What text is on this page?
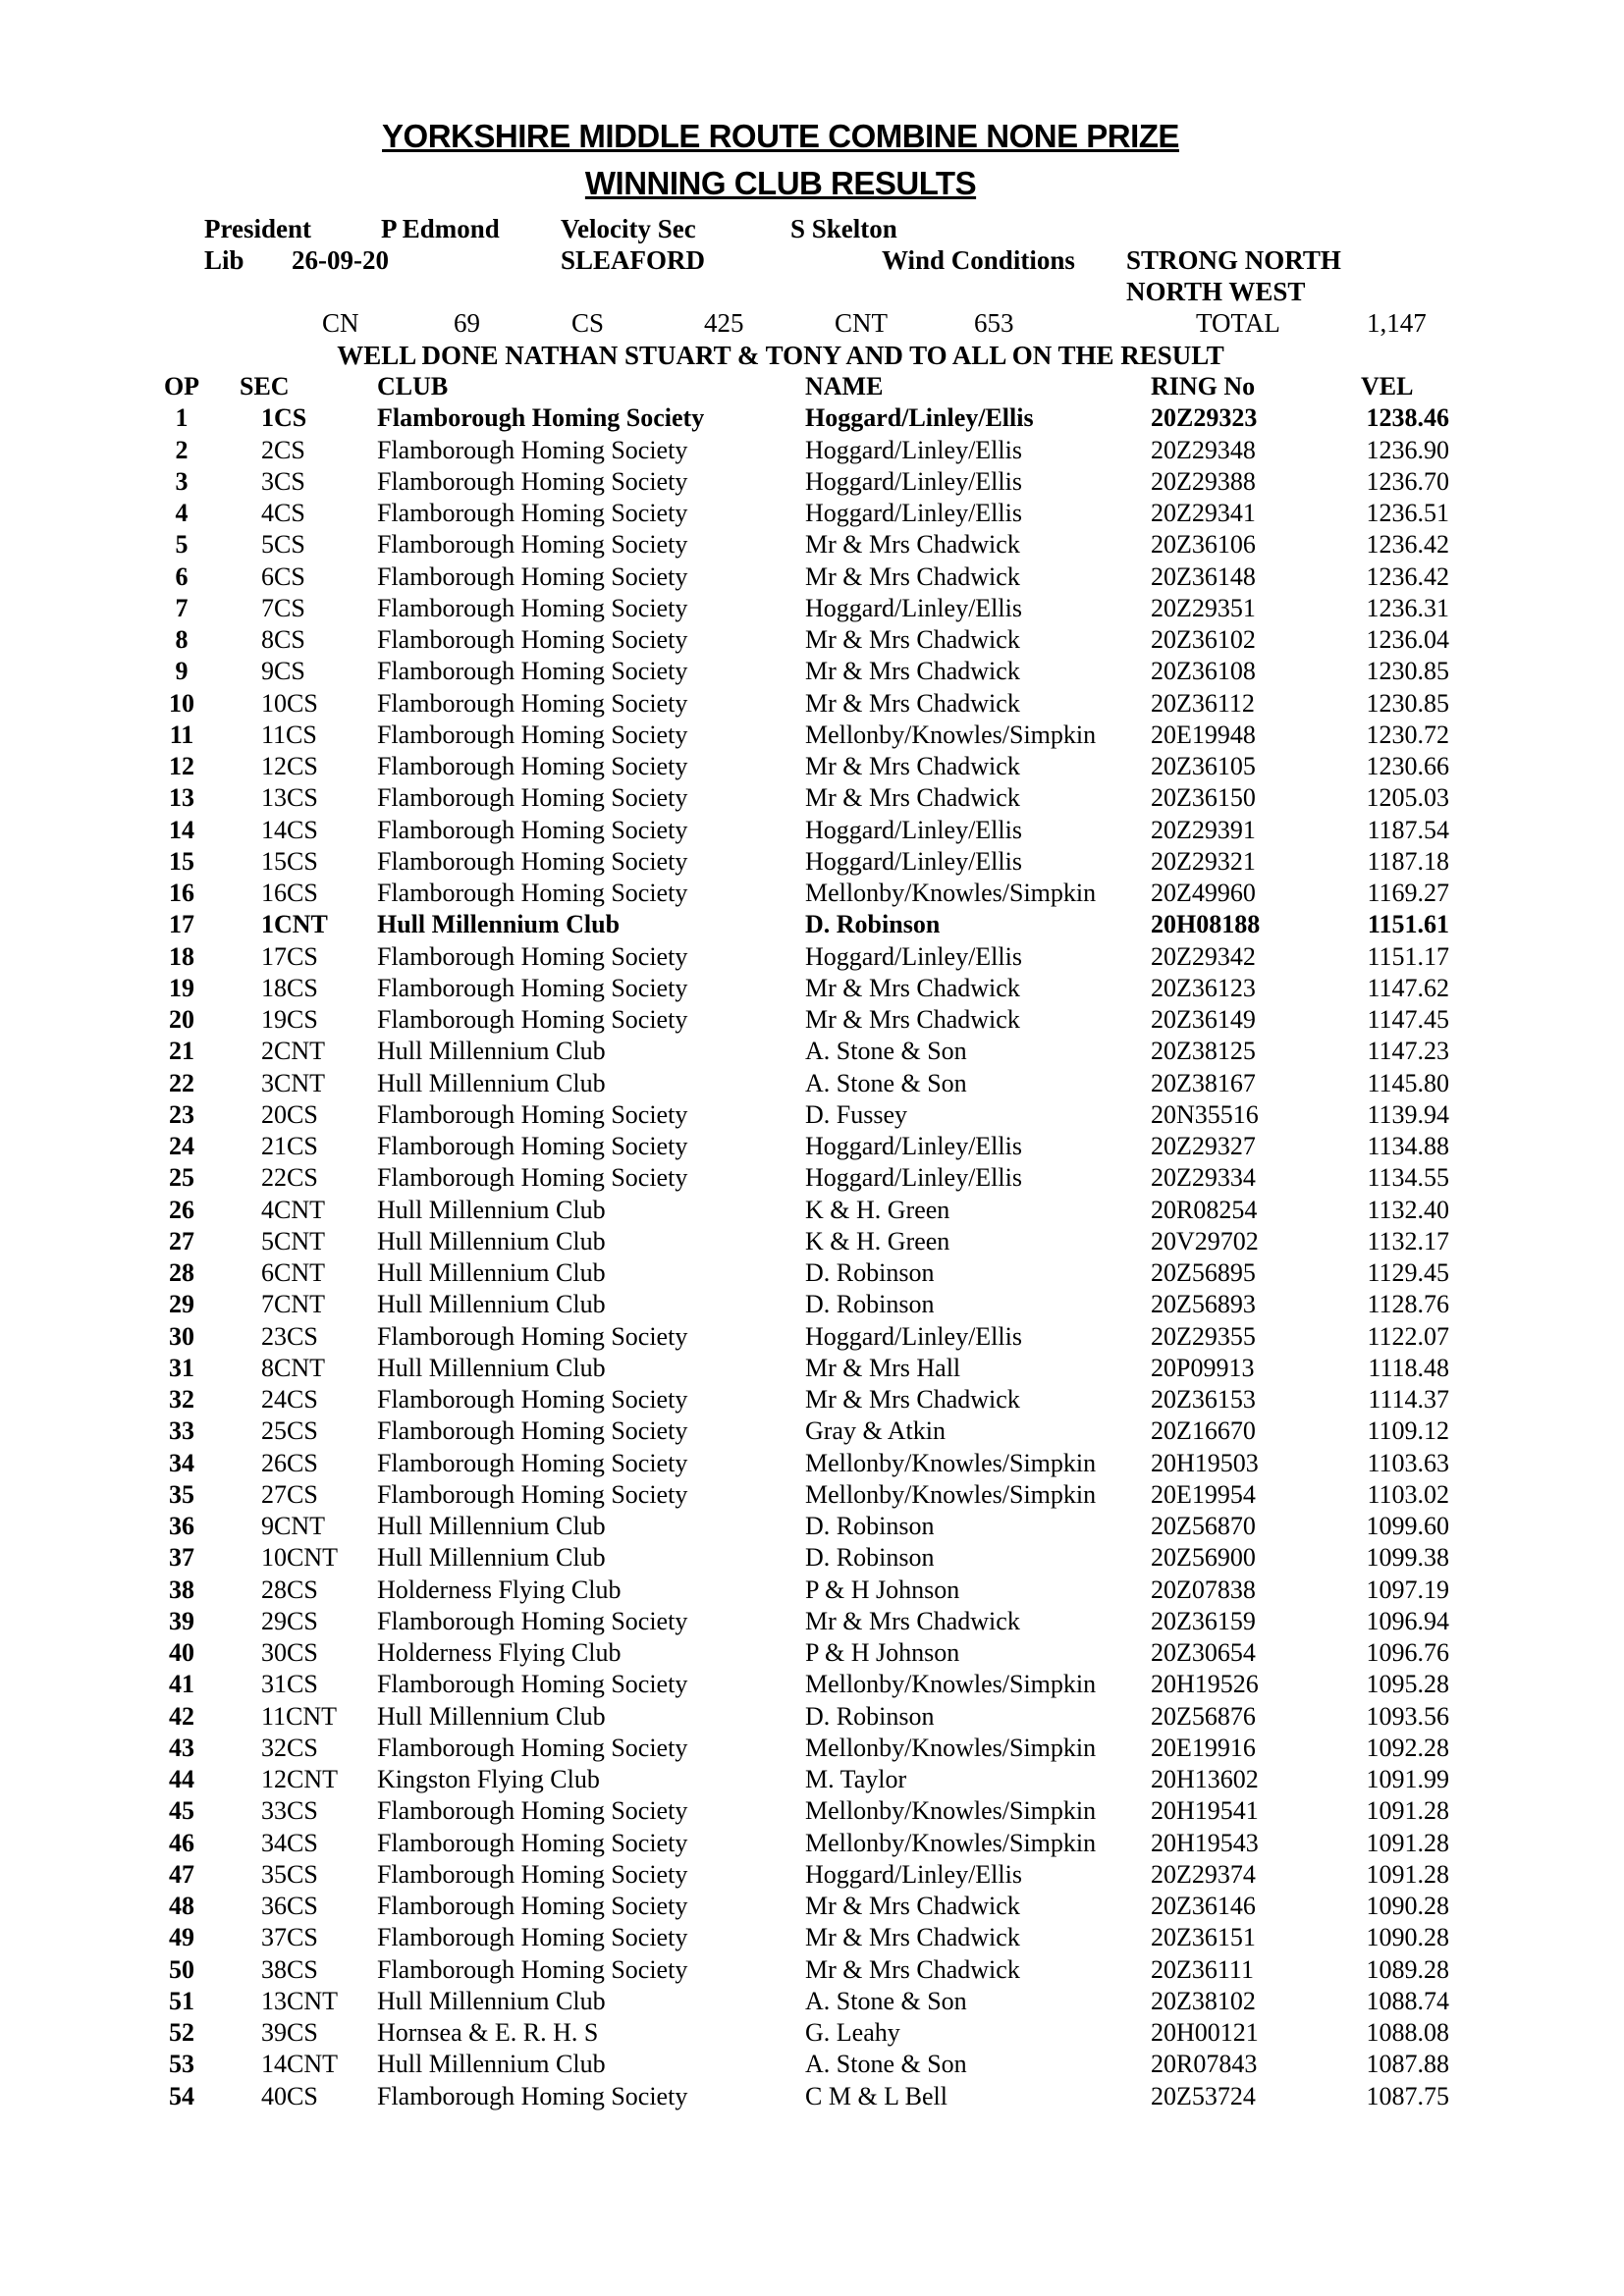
YORKSHIRE MIDDLE ROUTE COMBINE NONE PRIZE
WINNING CLUB RESULTS
President	P Edmond Velocity Sec	S Skelton
Lib 26-09-20	SLEAFORD	Wind Conditions STRONG NORTH
NORTH WEST
CN	69	CS	425	CNT	653	TOTAL	1,147
WELL DONE NATHAN STUART & TONY AND TO ALL ON THE RESULT
OP	SEC	CLUB	NAME	RING No	VEL
1	1CS	Flamborough Homing Society	Hoggard/Linley/Ellis	20Z29323	1238.46
2	2CS	Flamborough Homing Society	Hoggard/Linley/Ellis	20Z29348	1236.90
3	3CS	Flamborough Homing Society	Hoggard/Linley/Ellis	20Z29388	1236.70
4	4CS	Flamborough Homing Society	Hoggard/Linley/Ellis	20Z29341	1236.51
5	5CS	Flamborough Homing Society	Mr & Mrs Chadwick	20Z36106	1236.42
6	6CS	Flamborough Homing Society	Mr & Mrs Chadwick	20Z36148	1236.42
7	7CS	Flamborough Homing Society	Hoggard/Linley/Ellis	20Z29351	1236.31
8	8CS	Flamborough Homing Society	Mr & Mrs Chadwick	20Z36102	1236.04
9	9CS	Flamborough Homing Society	Mr & Mrs Chadwick	20Z36108	1230.85
10	10CS	Flamborough Homing Society	Mr & Mrs Chadwick	20Z36112	1230.85
11	11CS	Flamborough Homing Society	Mellonby/Knowles/Simpkin	20E19948	1230.72
12	12CS	Flamborough Homing Society	Mr & Mrs Chadwick	20Z36105	1230.66
13	13CS	Flamborough Homing Society	Mr & Mrs Chadwick	20Z36150	1205.03
14	14CS	Flamborough Homing Society	Hoggard/Linley/Ellis	20Z29391	1187.54
15	15CS	Flamborough Homing Society	Hoggard/Linley/Ellis	20Z29321	1187.18
16	16CS	Flamborough Homing Society	Mellonby/Knowles/Simpkin	20Z49960	1169.27
17	1CNT	Hull Millennium Club	D. Robinson	20H08188	1151.61
18	17CS	Flamborough Homing Society	Hoggard/Linley/Ellis	20Z29342	1151.17
19	18CS	Flamborough Homing Society	Mr & Mrs Chadwick	20Z36123	1147.62
20	19CS	Flamborough Homing Society	Mr & Mrs Chadwick	20Z36149	1147.45
21	2CNT	Hull Millennium Club	A. Stone & Son	20Z38125	1147.23
22	3CNT	Hull Millennium Club	A. Stone & Son	20Z38167	1145.80
23	20CS	Flamborough Homing Society	D. Fussey	20N35516	1139.94
24	21CS	Flamborough Homing Society	Hoggard/Linley/Ellis	20Z29327	1134.88
25	22CS	Flamborough Homing Society	Hoggard/Linley/Ellis	20Z29334	1134.55
26	4CNT	Hull Millennium Club	K & H. Green	20R08254	1132.40
27	5CNT	Hull Millennium Club	K & H. Green	20V29702	1132.17
28	6CNT	Hull Millennium Club	D. Robinson	20Z56895	1129.45
29	7CNT	Hull Millennium Club	D. Robinson	20Z56893	1128.76
30	23CS	Flamborough Homing Society	Hoggard/Linley/Ellis	20Z29355	1122.07
31	8CNT	Hull Millennium Club	Mr & Mrs Hall	20P09913	1118.48
32	24CS	Flamborough Homing Society	Mr & Mrs Chadwick	20Z36153	1114.37
33	25CS	Flamborough Homing Society	Gray & Atkin	20Z16670	1109.12
34	26CS	Flamborough Homing Society	Mellonby/Knowles/Simpkin	20H19503	1103.63
35	27CS	Flamborough Homing Society	Mellonby/Knowles/Simpkin	20E19954	1103.02
36	9CNT	Hull Millennium Club	D. Robinson	20Z56870	1099.60
37	10CNT	Hull Millennium Club	D. Robinson	20Z56900	1099.38
38	28CS	Holderness Flying Club	P & H Johnson	20Z07838	1097.19
39	29CS	Flamborough Homing Society	Mr & Mrs Chadwick	20Z36159	1096.94
40	30CS	Holderness Flying Club	P & H Johnson	20Z30654	1096.76
41	31CS	Flamborough Homing Society	Mellonby/Knowles/Simpkin	20H19526	1095.28
42	11CNT	Hull Millennium Club	D. Robinson	20Z56876	1093.56
43	32CS	Flamborough Homing Society	Mellonby/Knowles/Simpkin	20E19916	1092.28
44	12CNT	Kingston Flying Club	M. Taylor	20H13602	1091.99
45	33CS	Flamborough Homing Society	Mellonby/Knowles/Simpkin	20H19541	1091.28
46	34CS	Flamborough Homing Society	Mellonby/Knowles/Simpkin	20H19543	1091.28
47	35CS	Flamborough Homing Society	Hoggard/Linley/Ellis	20Z29374	1091.28
48	36CS	Flamborough Homing Society	Mr & Mrs Chadwick	20Z36146	1090.28
49	37CS	Flamborough Homing Society	Mr & Mrs Chadwick	20Z36151	1090.28
50	38CS	Flamborough Homing Society	Mr & Mrs Chadwick	20Z36111	1089.28
51	13CNT	Hull Millennium Club	A. Stone & Son	20Z38102	1088.74
52	39CS	Hornsea & E. R. H. S	G. Leahy	20H00121	1088.08
53	14CNT	Hull Millennium Club	A. Stone & Son	20R07843	1087.88
54	40CS	Flamborough Homing Society	C M & L Bell	20Z53724	1087.75
